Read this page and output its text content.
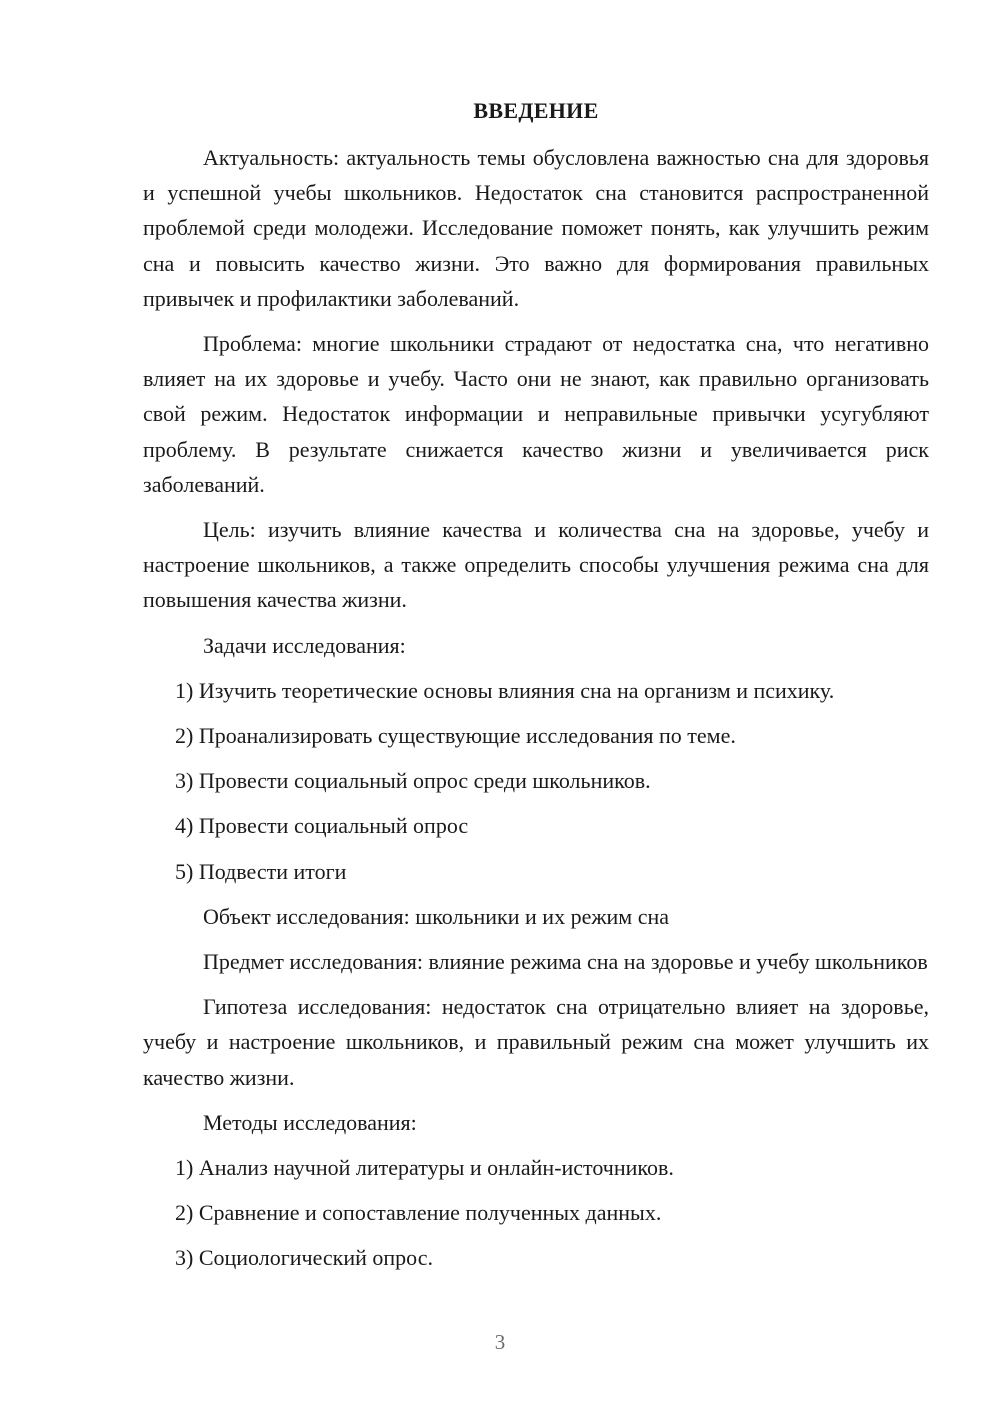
ВВЕДЕНИЕ

Актуальность: актуальность темы обусловлена важностью сна для здоровья и успешной учебы школьников. Недостаток сна становится распространенной проблемой среди молодежи. Исследование поможет понять, как улучшить режим сна и повысить качество жизни. Это важно для формирования правильных привычек и профилактики заболеваний.

Проблема: многие школьники страдают от недостатка сна, что негативно влияет на их здоровье и учебу. Часто они не знают, как правильно организовать свой режим. Недостаток информации и неправильные привычки усугубляют проблему. В результате снижается качество жизни и увеличивается риск заболеваний.

Цель: изучить влияние качества и количества сна на здоровье, учебу и настроение школьников, а также определить способы улучшения режима сна для повышения качества жизни.

Задачи исследования:

1) Изучить теоретические основы влияния сна на организм и психику.
2) Проанализировать существующие исследования по теме.
3) Провести социальный опрос среди школьников.
4) Провести социальный опрос
5) Подвести итоги

Объект исследования: школьники и их режим сна

Предмет исследования: влияние режима сна на здоровье и учебу школьников

Гипотеза исследования: недостаток сна отрицательно влияет на здоровье, учебу и настроение школьников, и правильный режим сна может улучшить их качество жизни.

Методы исследования:

1) Анализ научной литературы и онлайн-источников.
2) Сравнение и сопоставление полученных данных.
3) Социологический опрос.
3
